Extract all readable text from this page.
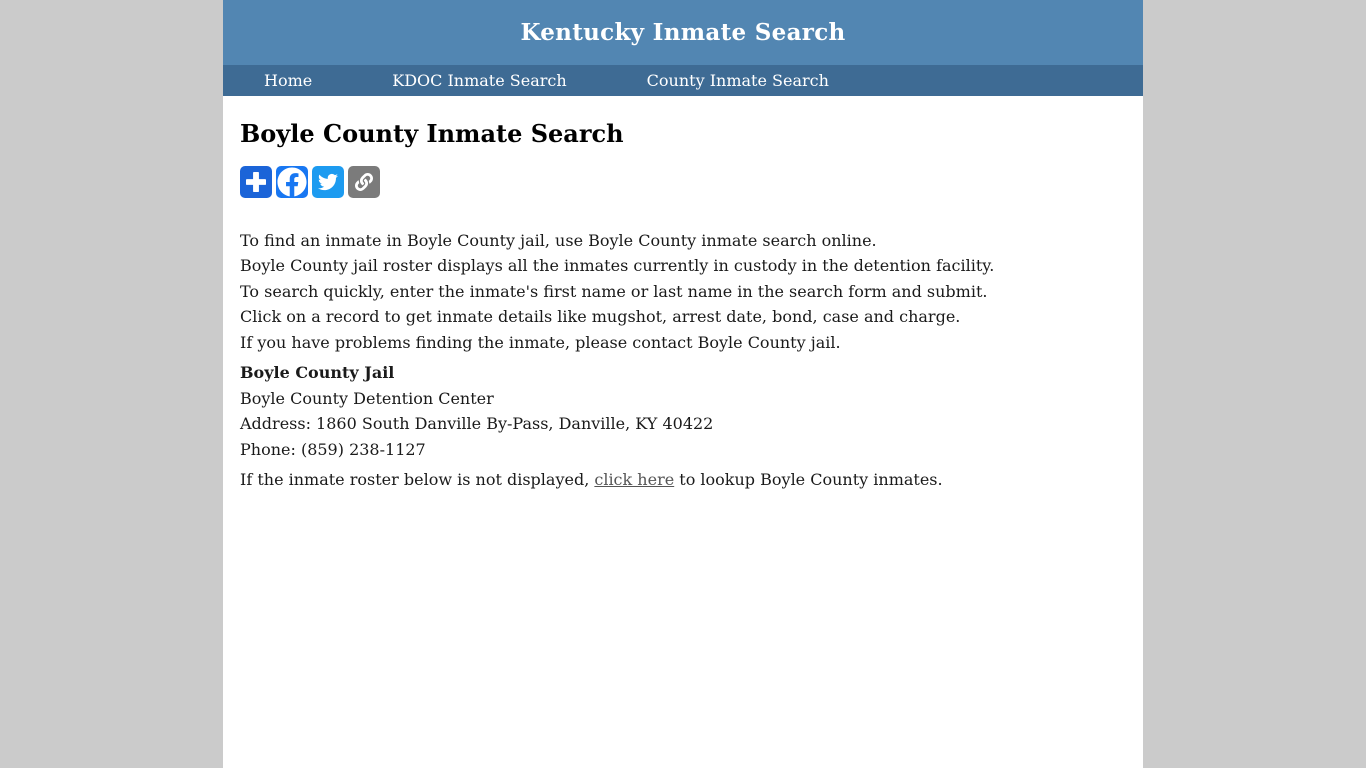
Kentucky Inmate Search
Home	KDOC Inmate Search	County Inmate Search
Boyle County Inmate Search
To find an inmate in Boyle County jail, use Boyle County inmate search online.
Boyle County jail roster displays all the inmates currently in custody in the detention facility.
To search quickly, enter the inmate's first name or last name in the search form and submit.
Click on a record to get inmate details like mugshot, arrest date, bond, case and charge.
If you have problems finding the inmate, please contact Boyle County jail.
Boyle County Jail
Boyle County Detention Center
Address: 1860 South Danville By-Pass, Danville, KY 40422
Phone: (859) 238-1127
If the inmate roster below is not displayed, click here to lookup Boyle County inmates.
